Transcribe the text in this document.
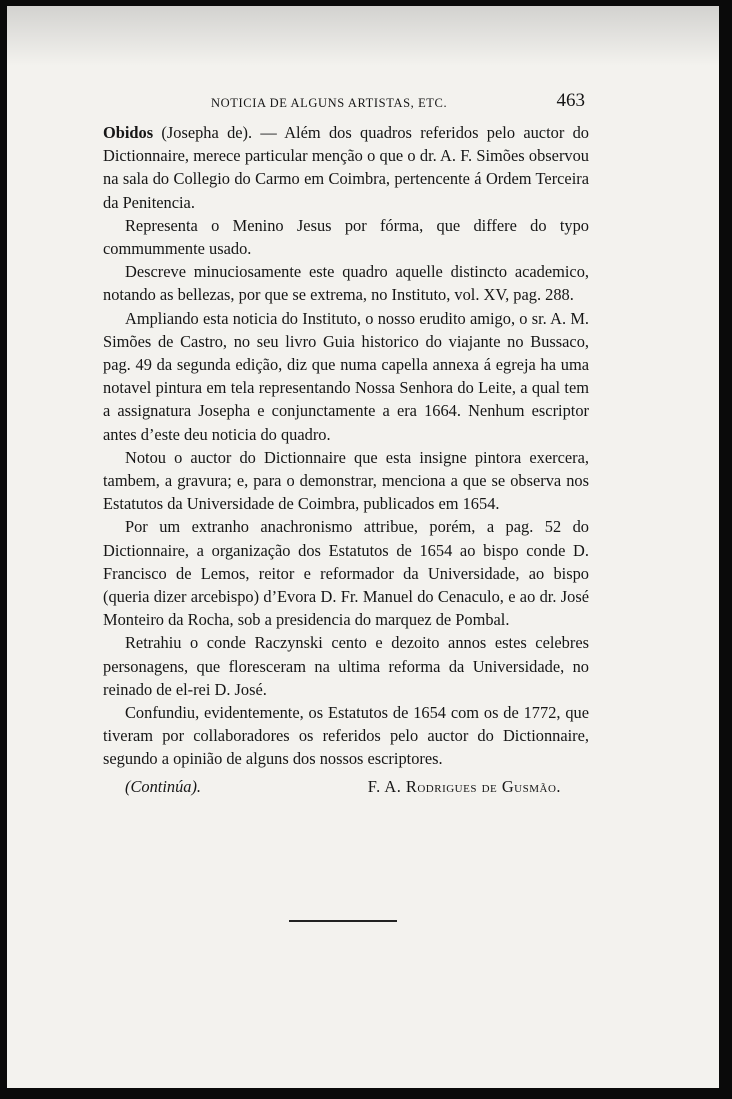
NOTICIA DE ALGUNS ARTISTAS, ETC.	463

Obidos (Josepha de). — Além dos quadros referidos pelo auctor do Dictionnaire, merece particular menção o que o dr. A. F. Simões observou na sala do Collegio do Carmo em Coimbra, pertencente á Ordem Terceira da Penitencia.

Representa o Menino Jesus por fórma, que differe do typo commummente usado.

Descreve minuciosamente este quadro aquelle distincto academico, notando as bellezas, por que se extrema, no Instituto, vol. XV, pag. 288.

Ampliando esta noticia do Instituto, o nosso erudito amigo, o sr. A. M. Simões de Castro, no seu livro Guia historico do viajante no Bussaco, pag. 49 da segunda edição, diz que numa capella annexa á egreja ha uma notavel pintura em tela representando Nossa Senhora do Leite, a qual tem a assignatura Josepha e conjunctamente a era 1664. Nenhum escriptor antes d’este deu noticia do quadro.

Notou o auctor do Dictionnaire que esta insigne pintora exercera, tambem, a gravura; e, para o demonstrar, menciona a que se observa nos Estatutos da Universidade de Coimbra, publicados em 1654.

Por um extranho anachronismo attribue, porém, a pag. 52 do Dictionnaire, a organização dos Estatutos de 1654 ao bispo conde D. Francisco de Lemos, reitor e reformador da Universidade, ao bispo (queria dizer arcebispo) d’Evora D. Fr. Manuel do Cenaculo, e ao dr. José Monteiro da Rocha, sob a presidencia do marquez de Pombal.

Retrahiu o conde Raczynski cento e dezoito annos estes celebres personagens, que floresceram na ultima reforma da Universidade, no reinado de el-rei D. José.

Confundiu, evidentemente, os Estatutos de 1654 com os de 1772, que tiveram por collaboradores os referidos pelo auctor do Dictionnaire, segundo a opinião de alguns dos nossos escriptores.

(Continúa).	F. A. Rodrigues de Gusmão.
